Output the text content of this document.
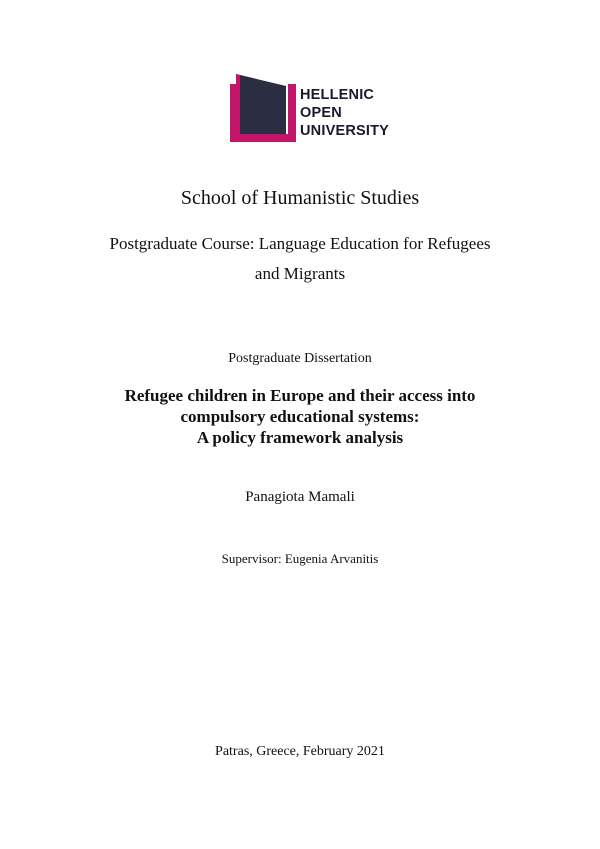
HELLENIC
OPEN
UNIVERSITY
School of Humanistic Studies
Postgraduate Course: Language Education for Refugees
and Migrants
Postgraduate Dissertation
Refugee children in Europe and their access into
compulsory educational systems:
A policy framework analysis
Panagiota Mamali
Supervisor: Eugenia Arvanitis
Patras, Greece, February 2021
